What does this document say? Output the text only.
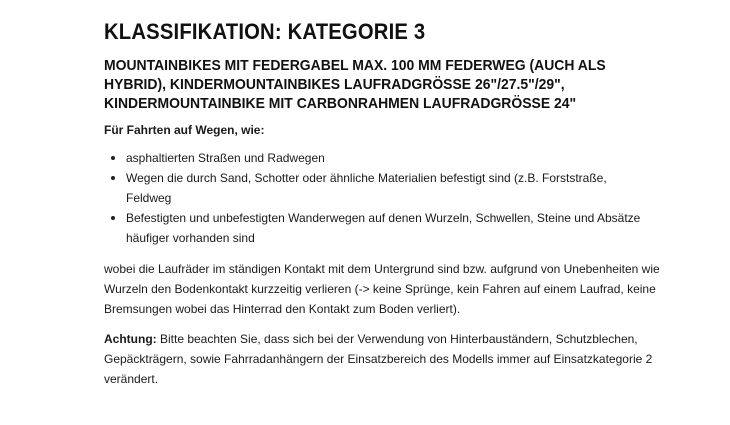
KLASSIFIKATION: KATEGORIE 3
MOUNTAINBIKES MIT FEDERGABEL MAX. 100 MM FEDERWEG (AUCH ALS
HYBRID), KINDERMOUNTAINBIKES LAUFRADGRÖSSE 26"/27.5"/29",
KINDERMOUNTAINBIKE MIT CARBONRAHMEN LAUFRADGRÖSSE 24"

Für Fahrten auf Wegen, wie:

asphaltierten Straßen und Radwegen
Wegen die durch Sand, Schotter oder ähnliche Materialien befestigt sind (z.B. Forststraße,
Feldweg
Befestigten und unbefestigten Wanderwegen auf denen Wurzeln, Schwellen, Steine und Absätze
häufiger vorhanden sind

wobei die Laufräder im ständigen Kontakt mit dem Untergrund sind bzw. aufgrund von Unebenheiten wie
Wurzeln den Bodenkontakt kurzzeitig verlieren (-> keine Sprünge, kein Fahren auf einem Laufrad, keine
Bremsungen wobei das Hinterrad den Kontakt zum Boden verliert).

Achtung: Bitte beachten Sie, dass sich bei der Verwendung von Hinterbauständern, Schutzblechen,
Gepäckträgern, sowie Fahrradanhängern der Einsatzbereich des Modells immer auf Einsatzkategorie 2
verändert.
